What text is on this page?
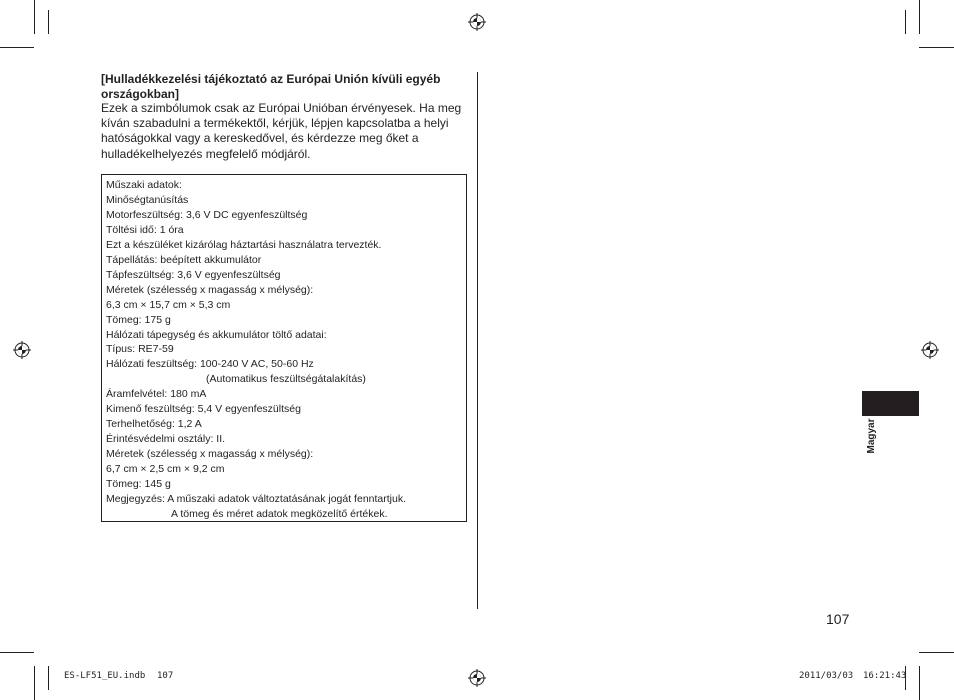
[Hulladékkezelési tájékoztató az Európai Unión kívüli egyéb
országokban]
Ezek a szimbólumok csak az Európai Unióban érvényesek. Ha meg
kíván szabadulni a termékektől, kérjük, lépjen kapcsolatba a helyi
hatóságokkal vagy a kereskedővel, és kérdezze meg őket a
hulladékelhelyezés megfelelő módjáról.
Műszaki adatok:
Minőségtanúsítás
Motorfeszültség: 3,6 V DC egyenfeszültség
Töltési idő: 1 óra
Ezt a készüléket kizárólag háztartási használatra tervezték.
Tápellátás: beépített akkumulátor
Tápfeszültség: 3,6 V egyenfeszültség
Méretek (szélesség x magasság x mélység):
6,3 cm × 15,7 cm × 5,3 cm
Tömeg: 175 g
Hálózati tápegység és akkumulátor töltő adatai:
Típus: RE7-59
Hálózati feszültség: 100-240 V AC, 50-60 Hz
(Automatikus feszültségátalakítás)
Áramfelvétel: 180 mA
Kimenő feszültség: 5,4 V egyenfeszültség
Terhelhetőség: 1,2 A
Érintésvédelmi osztály: II.
Méretek (szélesség x magasság x mélység):
6,7 cm × 2,5 cm × 9,2 cm
Tömeg: 145 g
Megjegyzés: A műszaki adatok változtatásának jogát fenntartjuk.
A tömeg és méret adatok megközelítő értékek.
Magyar
107
ES-LF51_EU.indb 107	2011/03/03 16:21:43
